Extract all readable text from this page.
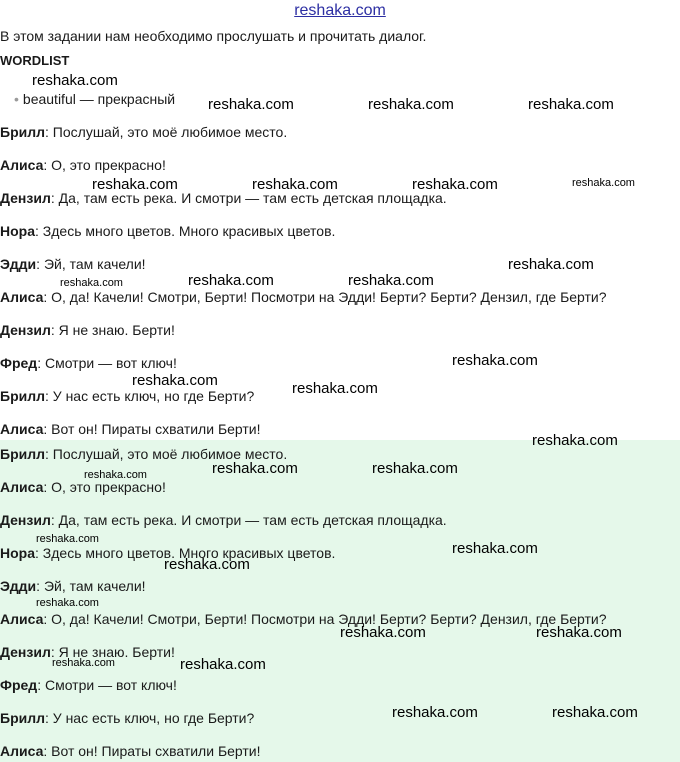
reshaka.com
В этом задании нам необходимо прослушать и прочитать диалог.
WORDLIST
• beautiful — прекрасный
Брилл: Послушай, это моё любимое место.
Алиса: О, это прекрасно!
Дензил: Да, там есть река. И смотри — там есть детская площадка.
Нора: Здесь много цветов. Много красивых цветов.
Эдди: Эй, там качели!
Алиса: О, да! Качели! Смотри, Берти! Посмотри на Эдди! Берти? Берти? Дензил, где Берти?
Дензил: Я не знаю. Берти!
Фред: Смотри — вот ключ!
Брилл: У нас есть ключ, но где Берти?
Алиса: Вот он! Пираты схватили Берти!
Брилл: Послушай, это моё любимое место.
Алиса: О, это прекрасно!
Дензил: Да, там есть река. И смотри — там есть детская площадка.
Нора: Здесь много цветов. Много красивых цветов.
Эдди: Эй, там качели!
Алиса: О, да! Качели! Смотри, Берти! Посмотри на Эдди! Берти? Берти? Дензил, где Берти?
Дензил: Я не знаю. Берти!
Фред: Смотри — вот ключ!
Брилл: У нас есть ключ, но где Берти?
Алиса: Вот он! Пираты схватили Берти!
reshaka.com
reshaka.com	reshaka.com	reshaka.com
reshaka.com	reshaka.com	reshaka.com	reshaka.com
reshaka.com
reshaka.com	reshaka.com	reshaka.com
reshaka.com
reshaka.com	reshaka.com
reshaka.com
reshaka.com	reshaka.com
reshaka.com
reshaka.com
reshaka.com
reshaka.com
reshaka.com
reshaka.com	reshaka.com
reshaka.com	reshaka.com
reshaka.com	reshaka.com
